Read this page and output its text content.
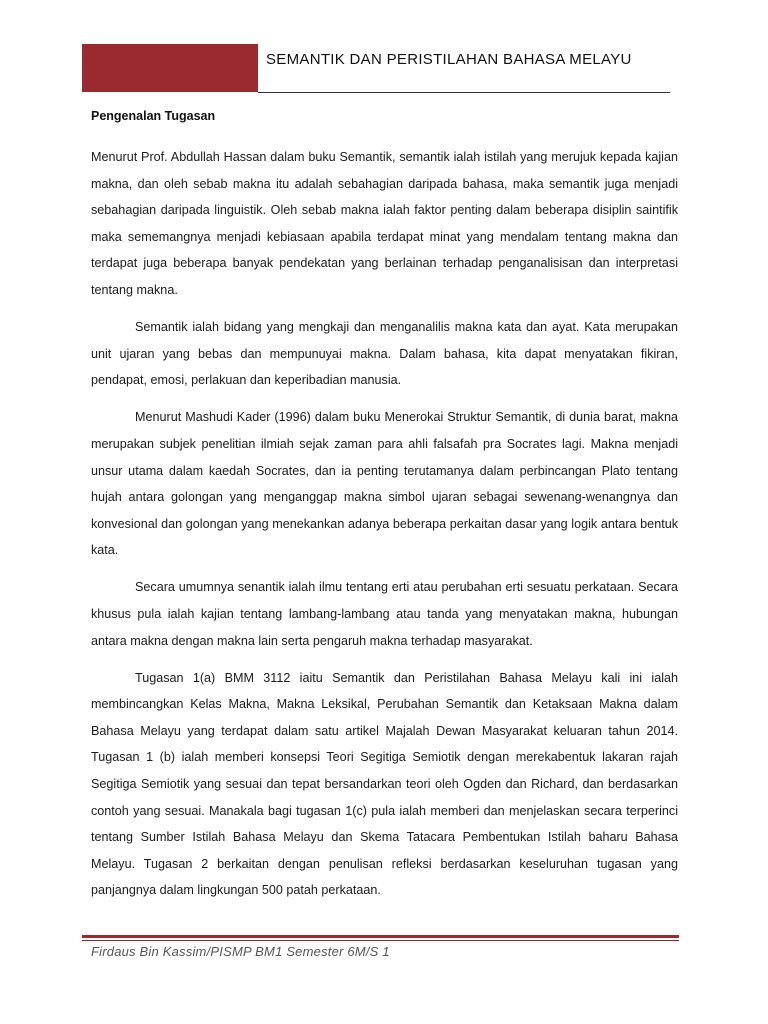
SEMANTIK DAN PERISTILAHAN BAHASA MELAYU
Pengenalan Tugasan

Menurut Prof. Abdullah Hassan dalam buku Semantik, semantik ialah istilah yang merujuk kepada kajian makna, dan oleh sebab makna itu adalah sebahagian daripada bahasa, maka semantik juga menjadi sebahagian daripada linguistik. Oleh sebab makna ialah faktor penting dalam beberapa disiplin saintifik maka sememangnya menjadi kebiasaan apabila terdapat minat yang mendalam tentang makna dan terdapat juga beberapa banyak pendekatan yang berlainan terhadap penganalisisan dan interpretasi tentang makna.

Semantik ialah bidang yang mengkaji dan menganalilis makna kata dan ayat. Kata merupakan unit ujaran yang bebas dan mempunuyai makna. Dalam bahasa, kita dapat menyatakan fikiran, pendapat, emosi, perlakuan dan keperibadian manusia.

Menurut Mashudi Kader (1996) dalam buku Menerokai Struktur Semantik, di dunia barat, makna merupakan subjek penelitian ilmiah sejak zaman para ahli falsafah pra Socrates lagi. Makna menjadi unsur utama dalam kaedah Socrates, dan ia penting terutamanya dalam perbincangan Plato tentang hujah antara golongan yang menganggap makna simbol ujaran sebagai sewenang-wenangnya dan konvesional dan golongan yang menekankan adanya beberapa perkaitan dasar yang logik antara bentuk kata.

Secara umumnya senantik ialah ilmu tentang erti atau perubahan erti sesuatu perkataan. Secara khusus pula ialah kajian tentang lambang-lambang atau tanda yang menyatakan makna, hubungan antara makna dengan makna lain serta pengaruh makna terhadap masyarakat.

Tugasan 1(a) BMM 3112 iaitu Semantik dan Peristilahan Bahasa Melayu kali ini ialah membincangkan Kelas Makna, Makna Leksikal, Perubahan Semantik dan Ketaksaan Makna dalam Bahasa Melayu yang terdapat dalam satu artikel Majalah Dewan Masyarakat keluaran tahun 2014. Tugasan 1 (b) ialah memberi konsepsi Teori Segitiga Semiotik dengan merekabentuk lakaran rajah Segitiga Semiotik yang sesuai dan tepat bersandarkan teori oleh Ogden dan Richard, dan berdasarkan contoh yang sesuai. Manakala bagi tugasan 1(c) pula ialah memberi dan menjelaskan secara terperinci tentang Sumber Istilah Bahasa Melayu dan Skema Tatacara Pembentukan Istilah baharu Bahasa Melayu. Tugasan 2 berkaitan dengan penulisan refleksi berdasarkan keseluruhan tugasan yang panjangnya dalam lingkungan 500 patah perkataan.

Firdaus Bin Kassim/PISMP BM1 Semester 6M/S 1
